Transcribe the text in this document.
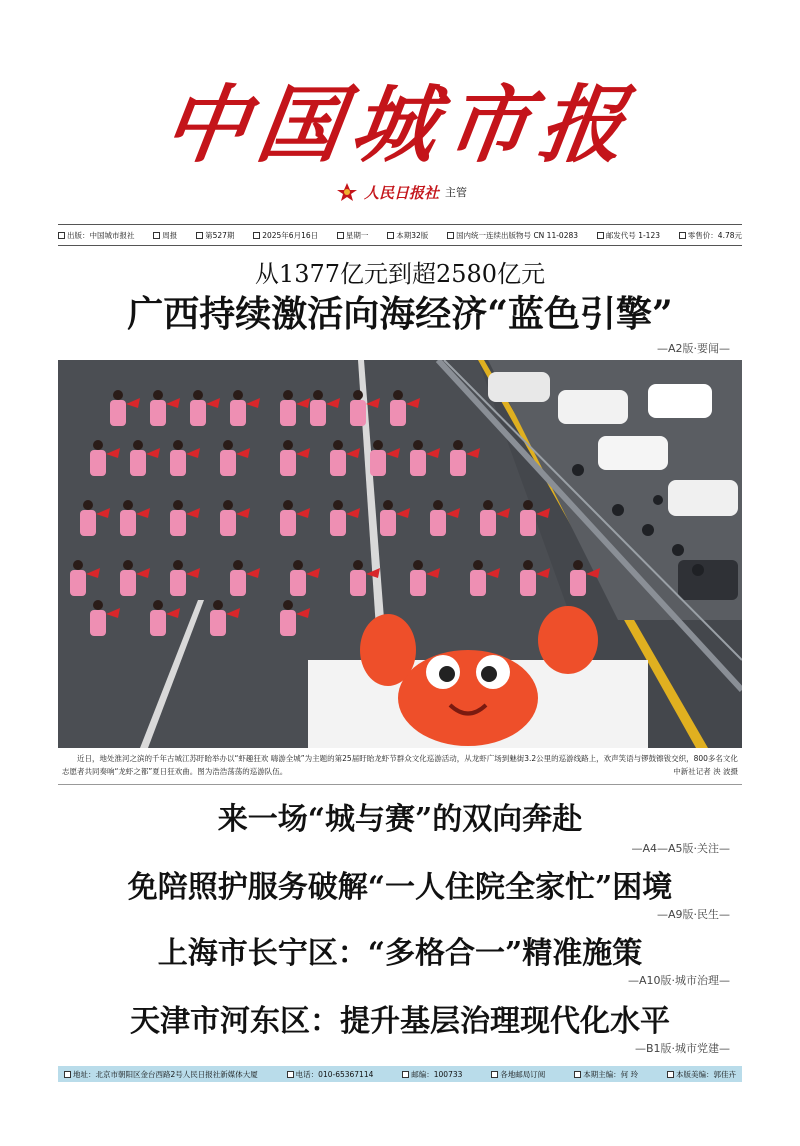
中国城市报
人民日报社 主管
出版：中国城市报社	周报	第527期	2025年6月16日	星期一	本期32版	国内统一连续出版物号 CN 11-0283	邮发代号 1-123	零售价：4.78元
从1377亿元到超2580亿元
广西持续激活向海经济“蓝色引擎”
—A2版·要闻—
近日，地处淮河之滨的千年古城江苏盱眙举办以“虾趣狂欢 嗨游全城”为主题的第25届盱眙龙虾节群众文化巡游活动，从龙虾广场到魅街3.2公里的巡游线路上，欢声笑语与锣鼓镲钹交织，800多名文化志愿者共同奏响“龙虾之都”夏日狂欢曲。图为浩浩荡荡的巡游队伍。	中新社记者 泱 波摄
来一场“城与赛”的双向奔赴
—A4—A5版·关注—
免陪照护服务破解“一人住院全家忙”困境
—A9版·民生—
上海市长宁区：“多格合一”精准施策
—A10版·城市治理—
天津市河东区：提升基层治理现代化水平
—B1版·城市党建—
地址：北京市朝阳区金台西路2号人民日报社新媒体大厦	电话：010-65367114	邮编：100733	各地邮局订阅	本期主编：何 玲	本版美编：郭佳卉
